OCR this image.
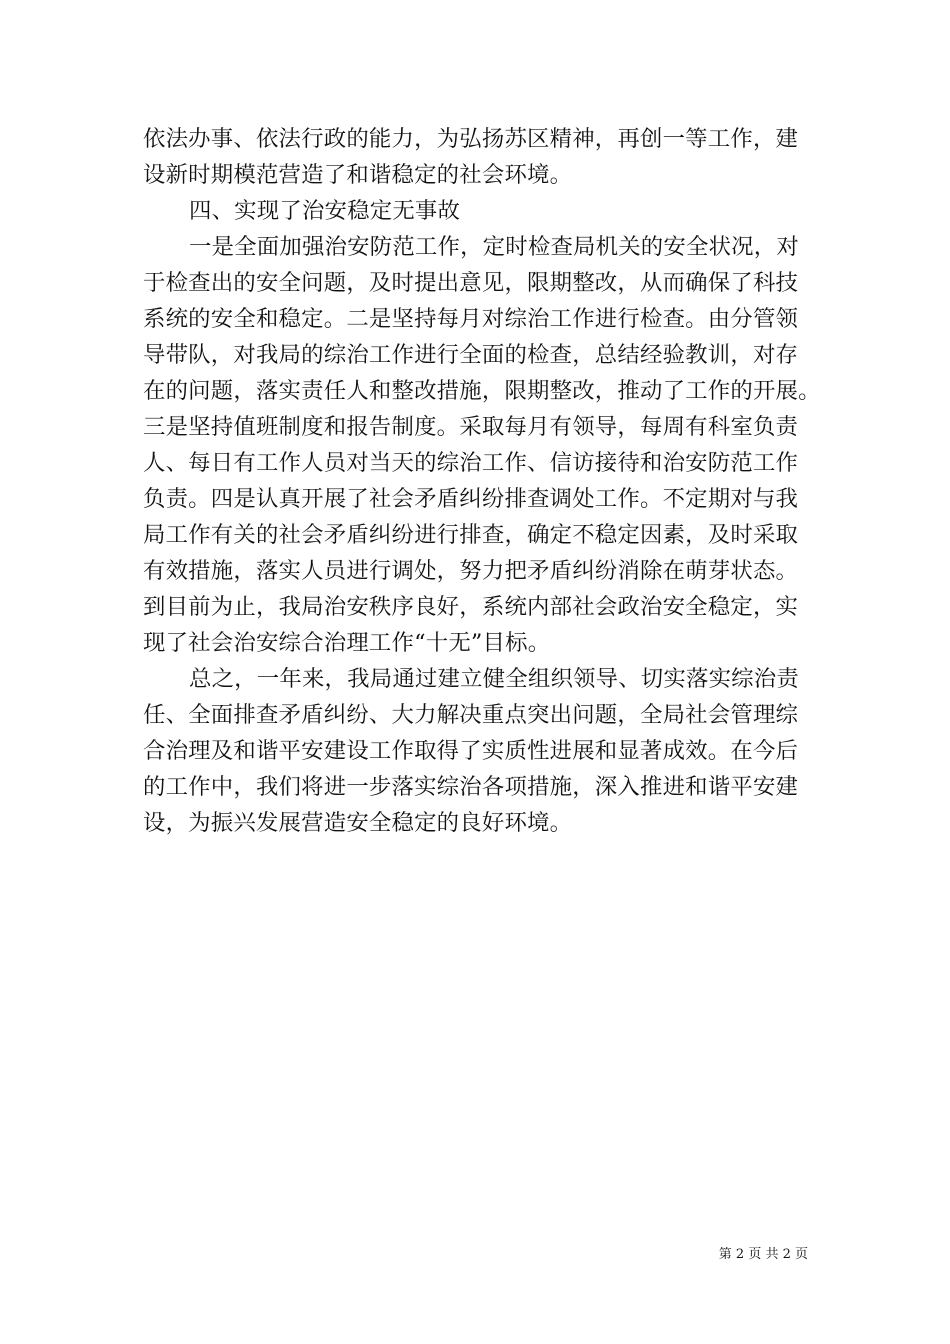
依法办事、依法行政的能力，为弘扬苏区精神，再创一等工作，建
设新时期模范营造了和谐稳定的社会环境。
四、实现了治安稳定无事故
一是全面加强治安防范工作，定时检查局机关的安全状况，对
于检查出的安全问题，及时提出意见，限期整改，从而确保了科技
系统的安全和稳定。二是坚持每月对综治工作进行检查。由分管领
导带队，对我局的综治工作进行全面的检查，总结经验教训，对存
在的问题，落实责任人和整改措施，限期整改，推动了工作的开展。
三是坚持值班制度和报告制度。采取每月有领导，每周有科室负责
人、每日有工作人员对当天的综治工作、信访接待和治安防范工作
负责。四是认真开展了社会矛盾纠纷排查调处工作。不定期对与我
局工作有关的社会矛盾纠纷进行排查，确定不稳定因素，及时采取
有效措施，落实人员进行调处，努力把矛盾纠纷消除在萌芽状态。
到目前为止，我局治安秩序良好，系统内部社会政治安全稳定，实
现了社会治安综合治理工作“十无”目标。
总之，一年来，我局通过建立健全组织领导、切实落实综治责
任、全面排查矛盾纠纷、大力解决重点突出问题，全局社会管理综
合治理及和谐平安建设工作取得了实质性进展和显著成效。在今后
的工作中，我们将进一步落实综治各项措施，深入推进和谐平安建
设，为振兴发展营造安全稳定的良好环境。
第 2 页 共 2 页
